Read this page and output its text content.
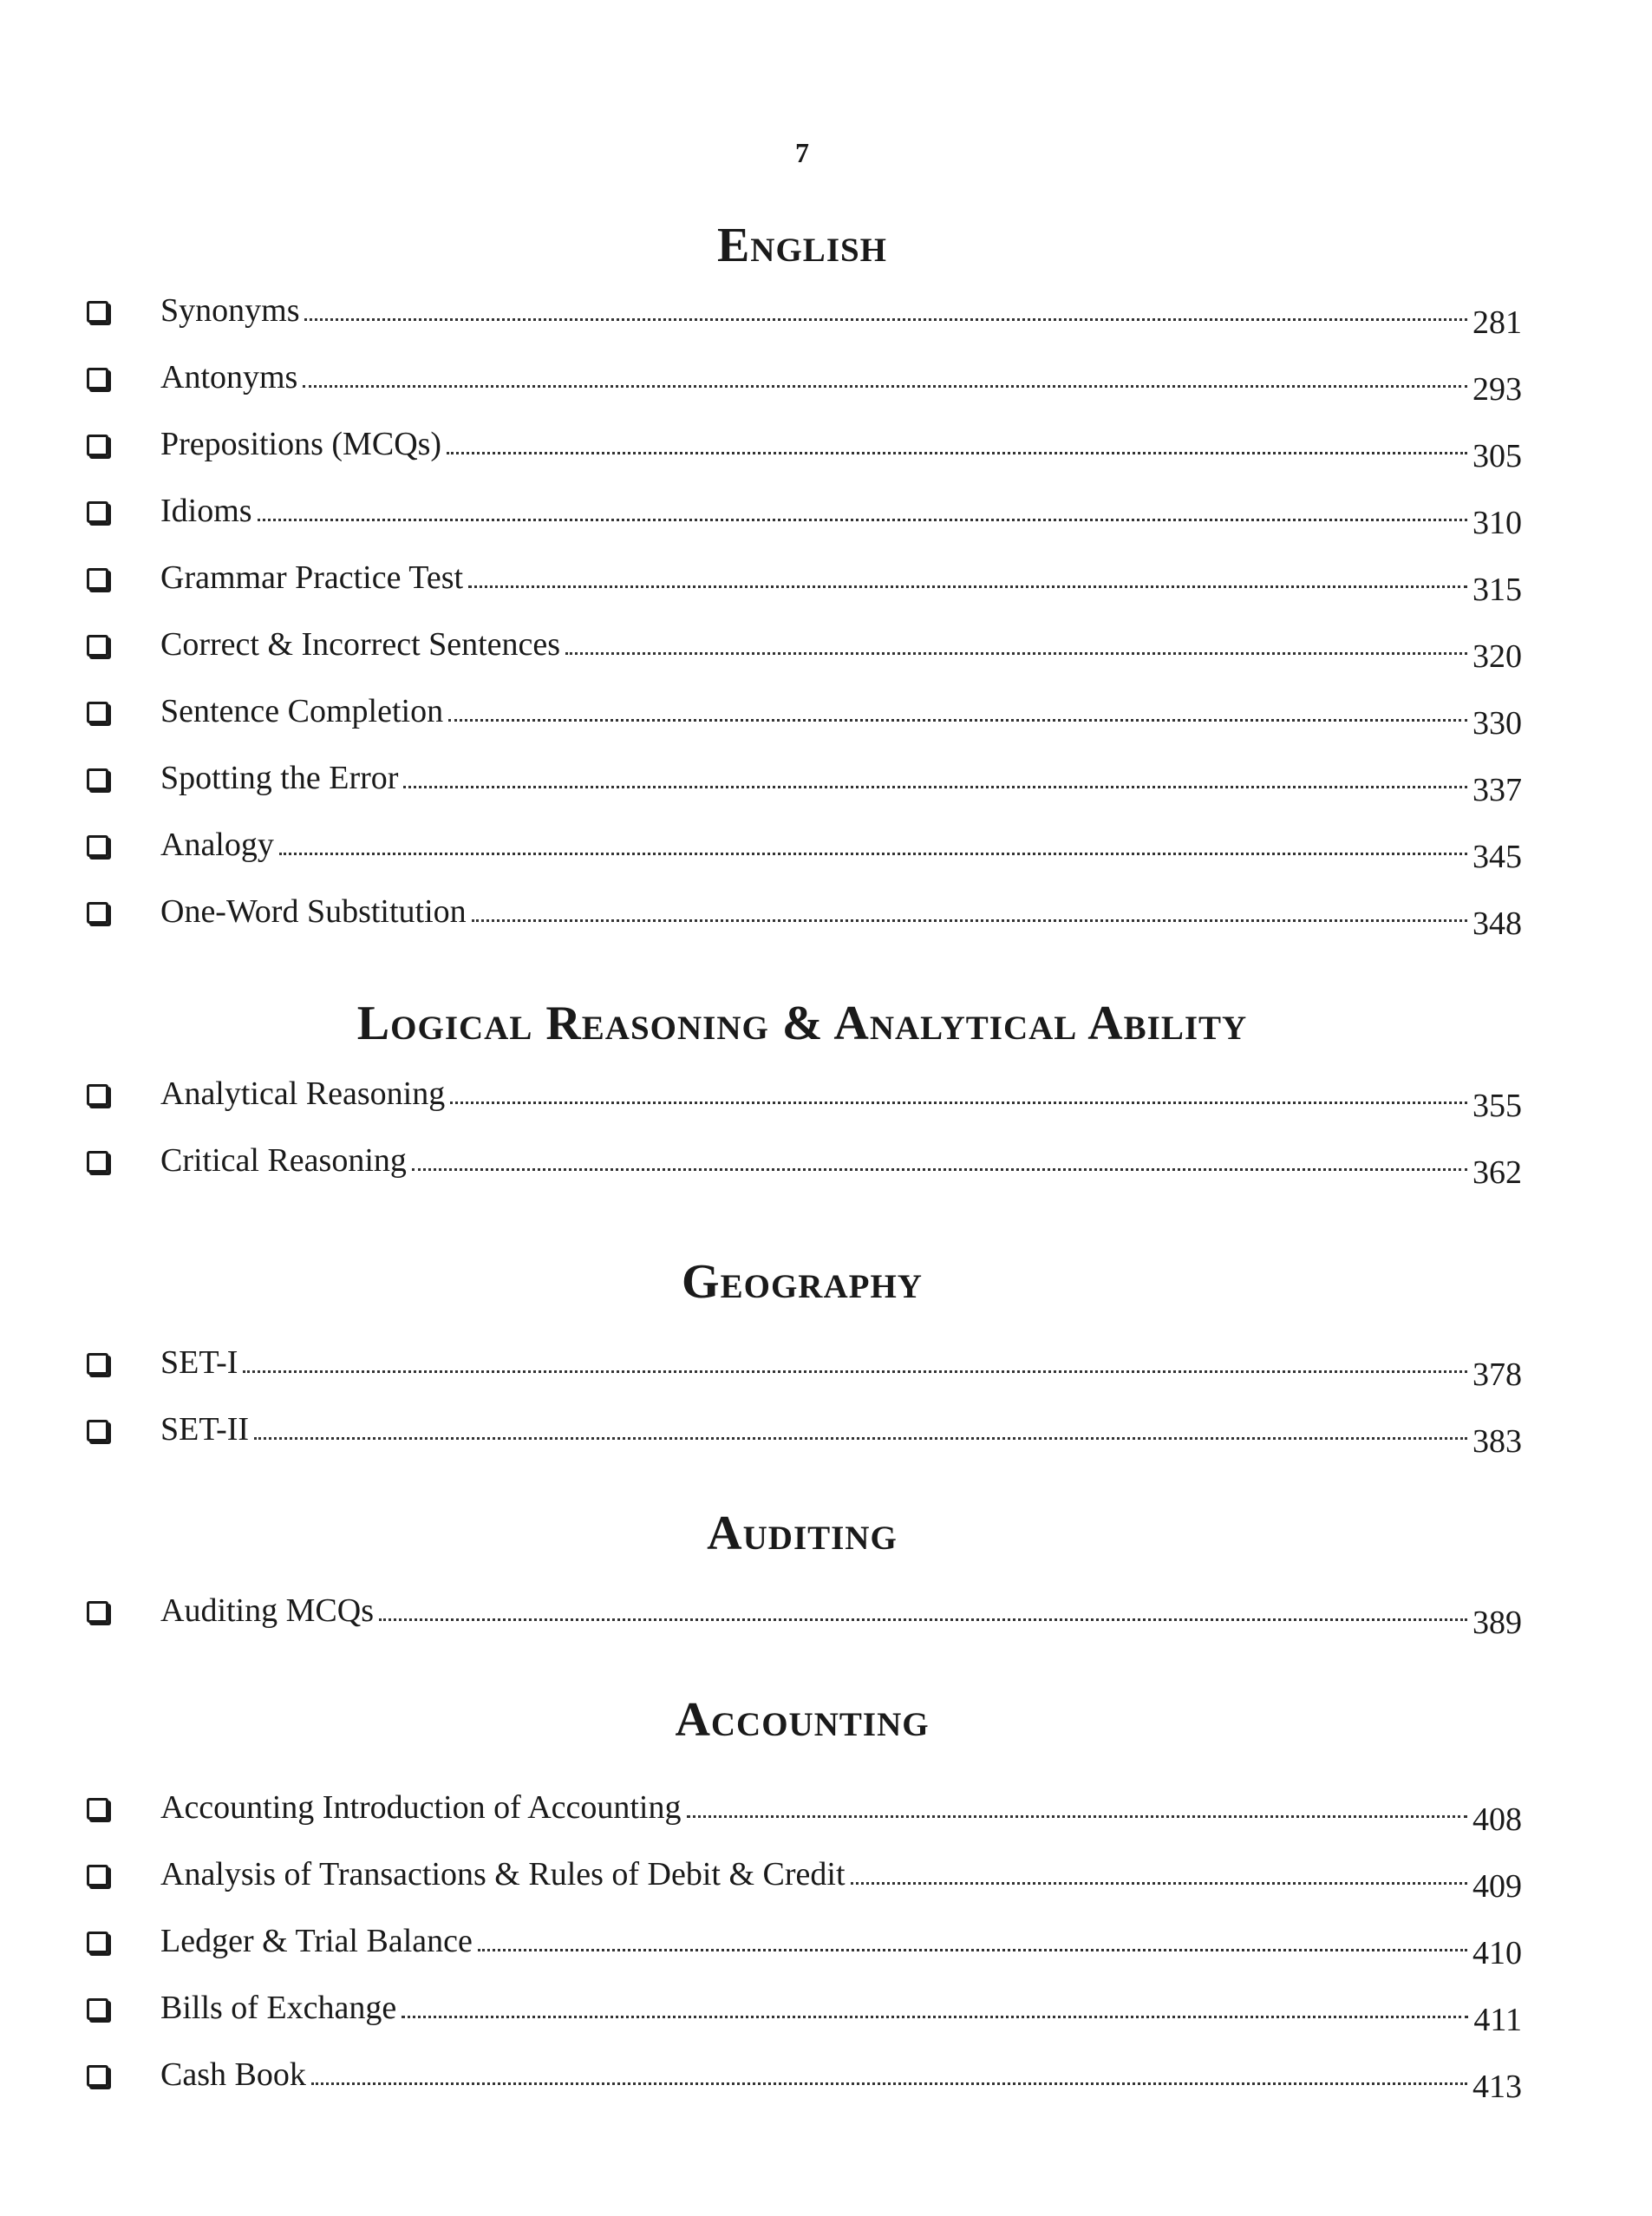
7
English
Synonyms	281
Antonyms	293
Prepositions (MCQs)	305
Idioms	310
Grammar Practice Test	315
Correct & Incorrect Sentences	320
Sentence Completion	330
Spotting the Error	337
Analogy	345
One-Word Substitution	348
Logical Reasoning & Analytical Ability
Analytical Reasoning	355
Critical Reasoning	362
Geography
SET-I	378
SET-II	383
Auditing
Auditing MCQs	389
Accounting
Accounting Introduction of Accounting	408
Analysis of Transactions & Rules of Debit & Credit	409
Ledger & Trial Balance	410
Bills of Exchange	411
Cash Book	413
